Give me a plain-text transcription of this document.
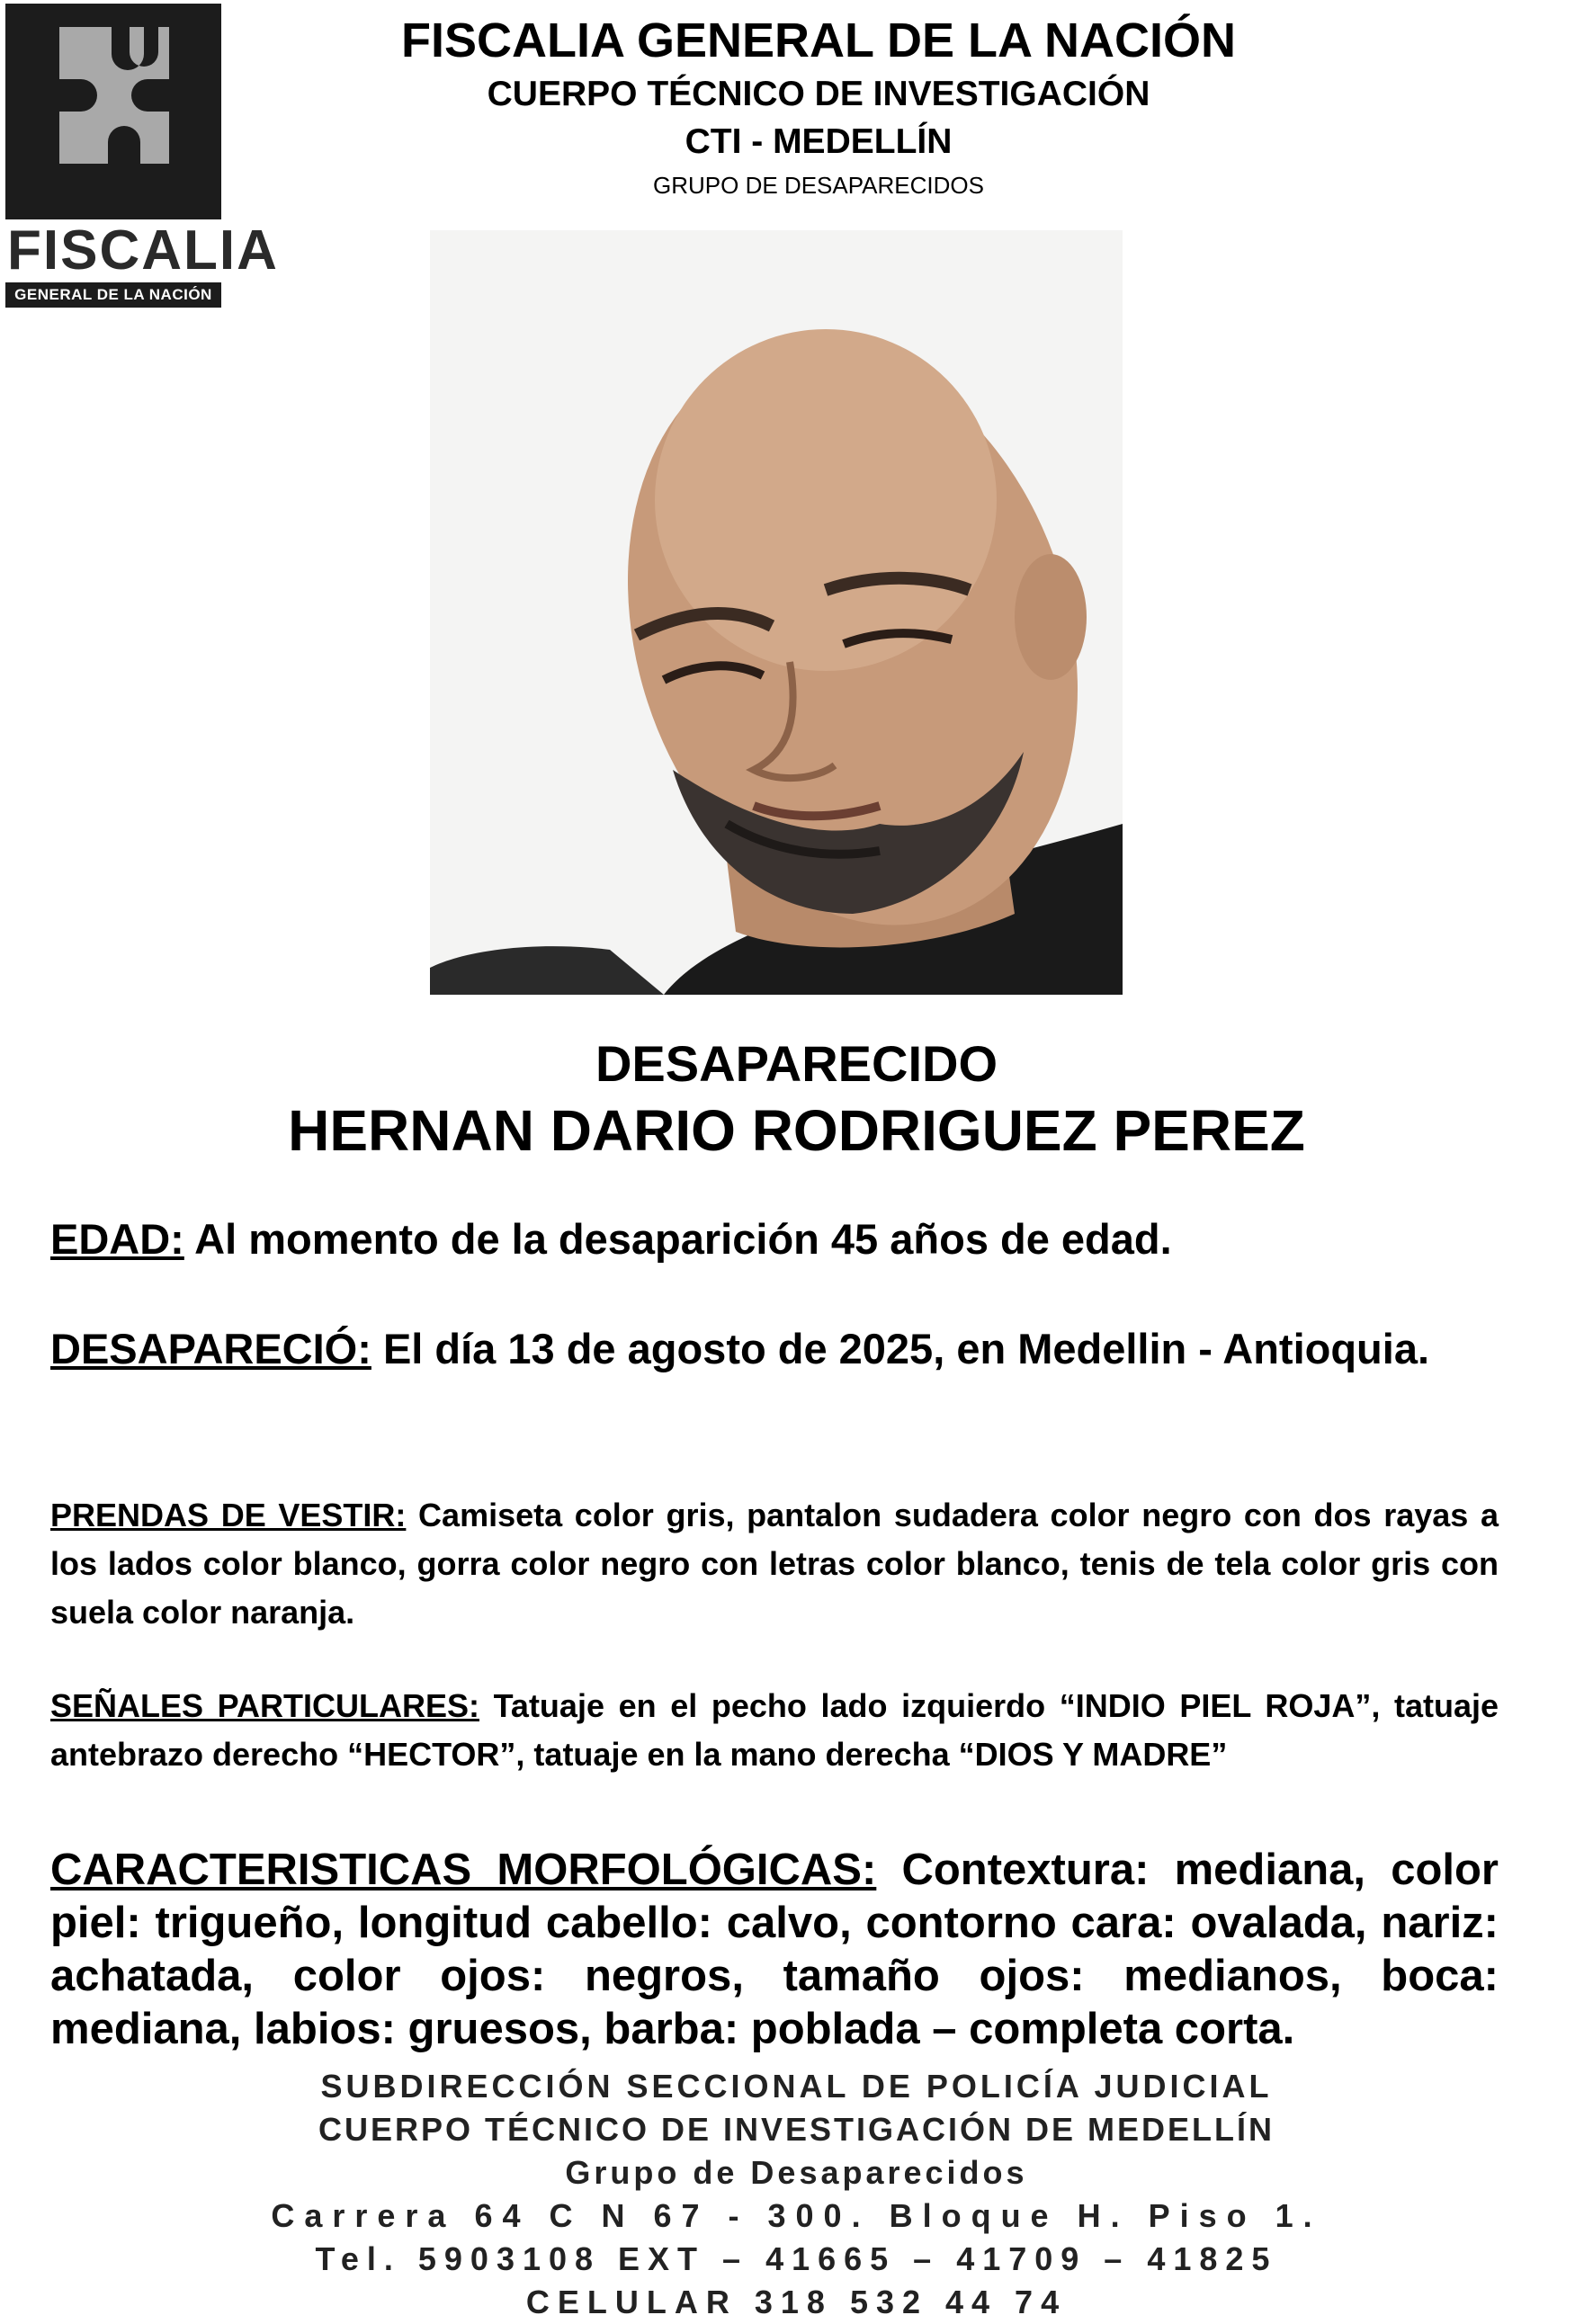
FISCALIA
GENERAL DE LA NACIÓN
FISCALIA GENERAL DE LA NACIÓN
CUERPO TÉCNICO DE INVESTIGACIÓN
CTI - MEDELLÍN
GRUPO DE DESAPARECIDOS
DESAPARECIDO
HERNAN DARIO RODRIGUEZ PEREZ
EDAD: Al momento de la desaparición 45 años de edad.
DESAPARECIÓ: El día 13 de agosto de 2025, en Medellin - Antioquia.
PRENDAS DE VESTIR: Camiseta color gris, pantalon sudadera color negro con dos rayas a los lados color blanco, gorra color negro con letras color blanco, tenis de tela color gris con suela color naranja.
SEÑALES PARTICULARES: Tatuaje en el pecho lado izquierdo “INDIO PIEL ROJA”, tatuaje antebrazo derecho “HECTOR”, tatuaje en la mano derecha “DIOS Y MADRE”
CARACTERISTICAS MORFOLÓGICAS: Contextura: mediana, color piel: trigueño, longitud cabello: calvo, contorno cara: ovalada, nariz: achatada, color ojos: negros, tamaño ojos: medianos, boca: mediana, labios: gruesos, barba: poblada – completa corta.
SUBDIRECCIÓN SECCIONAL DE POLICÍA JUDICIAL
CUERPO TÉCNICO DE INVESTIGACIÓN DE MEDELLÍN
Grupo de Desaparecidos
Carrera 64 C N 67 - 300. Bloque H. Piso 1.
Tel. 5903108 EXT – 41665 – 41709 – 41825
CELULAR 318 532 44 74
